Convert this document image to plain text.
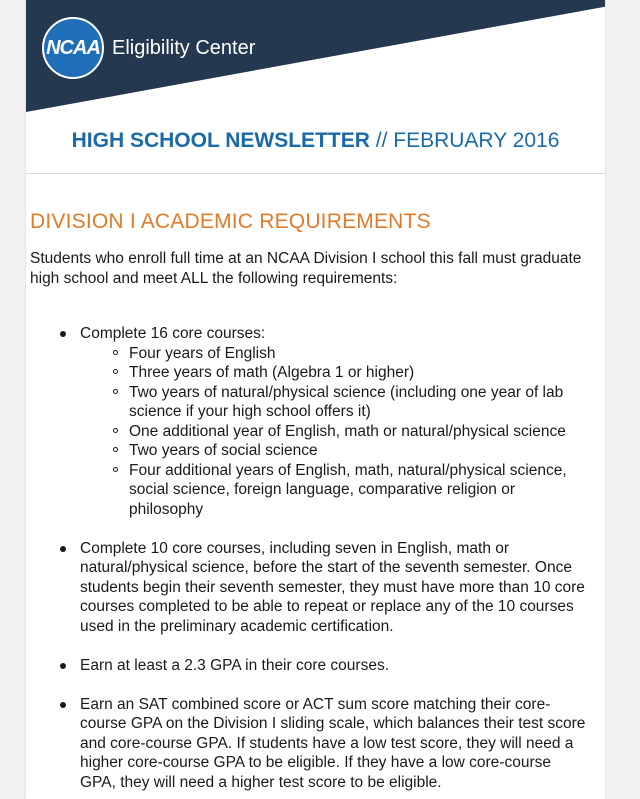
NCAA Eligibility Center
HIGH SCHOOL NEWSLETTER // FEBRUARY 2016
DIVISION I ACADEMIC REQUIREMENTS

Students who enroll full time at an NCAA Division I school this fall must graduate high school and meet ALL the following requirements:

Complete 16 core courses:
Four years of English
Three years of math (Algebra 1 or higher)
Two years of natural/physical science (including one year of lab science if your high school offers it)
One additional year of English, math or natural/physical science
Two years of social science
Four additional years of English, math, natural/physical science, social science, foreign language, comparative religion or philosophy
Complete 10 core courses, including seven in English, math or natural/physical science, before the start of the seventh semester. Once students begin their seventh semester, they must have more than 10 core courses completed to be able to repeat or replace any of the 10 courses used in the preliminary academic certification.
Earn at least a 2.3 GPA in their core courses.
Earn an SAT combined score or ACT sum score matching their core-course GPA on the Division I sliding scale, which balances their test score and core-course GPA. If students have a low test score, they will need a higher core-course GPA to be eligible. If they have a low core-course GPA, they will need a higher test score to be eligible.
